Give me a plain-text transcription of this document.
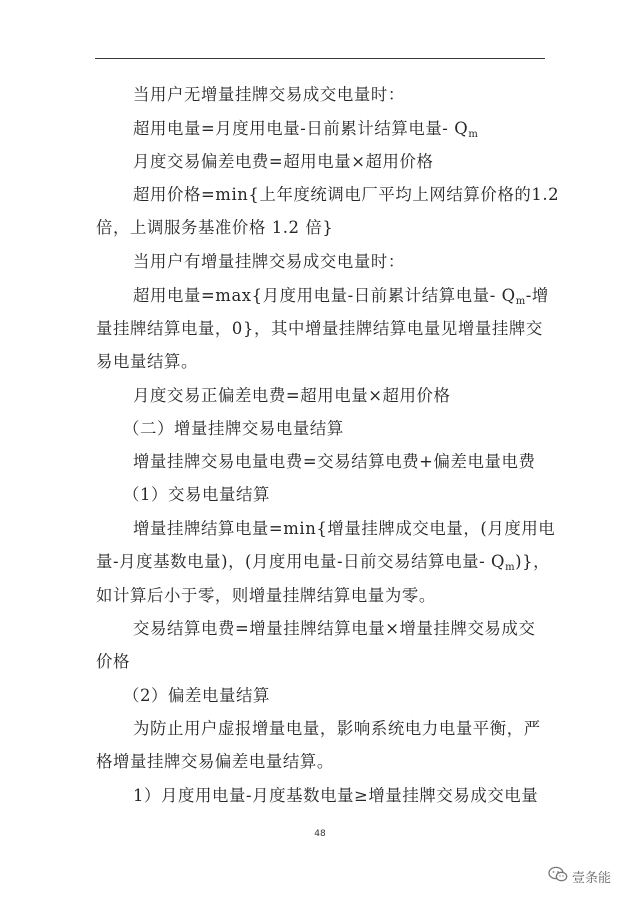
当用户无增量挂牌交易成交电量时：
超用电量=月度用电量-日前累计结算电量- $Q_m$
月度交易偏差电费=超用电量×超用价格
超用价格=min{上年度统调电厂平均上网结算价格的1.2
倍，上调服务基准价格 1.2 倍}
当用户有增量挂牌交易成交电量时：
超用电量=max{月度用电量-日前累计结算电量- $Q_m-$增
量挂牌结算电量，0}，其中增量挂牌结算电量见增量挂牌交
易电量结算。
月度交易正偏差电费=超用电量×超用价格
（二）增量挂牌交易电量结算
增量挂牌交易电量电费=交易结算电费+偏差电量电费
（1）交易电量结算
增量挂牌结算电量=min{增量挂牌成交电量，(月度用电
量-月度基数电量)，(月度用电量-日前交易结算电量- $Q_m$)}，
如计算后小于零，则增量挂牌结算电量为零。
交易结算电费=增量挂牌结算电量×增量挂牌交易成交
价格
（2）偏差电量结算
为防止用户虚报增量电量，影响系统电力电量平衡，严
格增量挂牌交易偏差电量结算。
1）月度用电量-月度基数电量≥增量挂牌交易成交电量
48
壹条能
